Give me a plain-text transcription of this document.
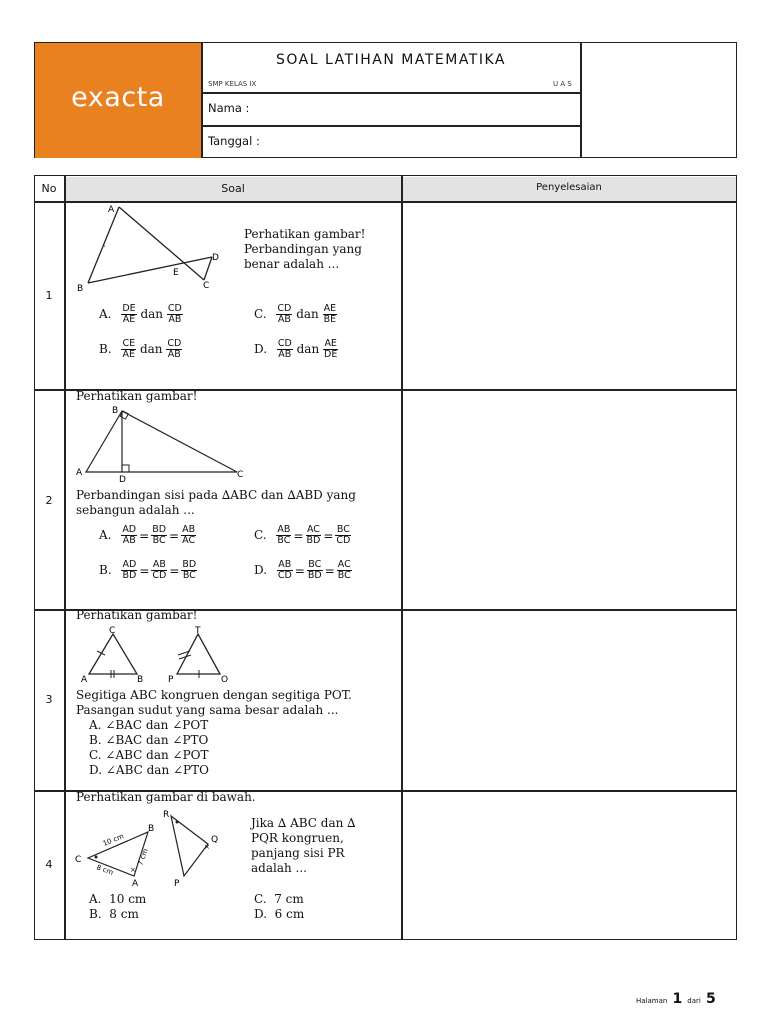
exacta
SOAL LATIHAN MATEMATIKA
SMP KELAS IX	U A S
Nama :
Tanggal :
No	Soal	Penyelesaian
1
A
B	C
D
E
Perhatikan gambar!
Perbandingan yang
benar adalah ...
A. $\frac{DE}{AE}$ dan $\frac{CD}{AB}$
B. $\frac{CE}{AE}$ dan $\frac{CD}{AB}$
C. $\frac{CD}{AB}$ dan $\frac{AE}{BE}$
D. $\frac{CD}{AB}$ dan $\frac{AE}{DE}$
2
Perhatikan gambar!
B
A
D	C
Perbandingan sisi pada ∆ABC dan ∆ABD yang
sebangun adalah ...
A. $\frac{AD}{AB} = \frac{BD}{BC} = \frac{AB}{AC}$
B. $\frac{AD}{BD} = \frac{AB}{CD} = \frac{BD}{BC}$
C. $\frac{AB}{BC} = \frac{AC}{BD} = \frac{BC}{CD}$
D. $\frac{AB}{CD} = \frac{BC}{BD} = \frac{AC}{BC}$
3
Perhatikan gambar!
C
A	B
T
P	O
Segitiga ABC kongruen dengan segitiga POT.
Pasangan sudut yang sama besar adalah ...
A. ∠BAC dan ∠POT
B. ∠BAC dan ∠PTO
C. ∠ABC dan ∠POT
D. ∠ABC dan ∠PTO
4
Perhatikan gambar di bawah.
×
×
B
C
A
R
Q
P
10 cm
7 cm
8 cm
Jika ∆ ABC dan ∆
PQR kongruen,
panjang sisi PR
adalah ...
A. 10 cm
B. 8 cm
C. 7 cm
D. 6 cm
Halaman 1 dari 5
